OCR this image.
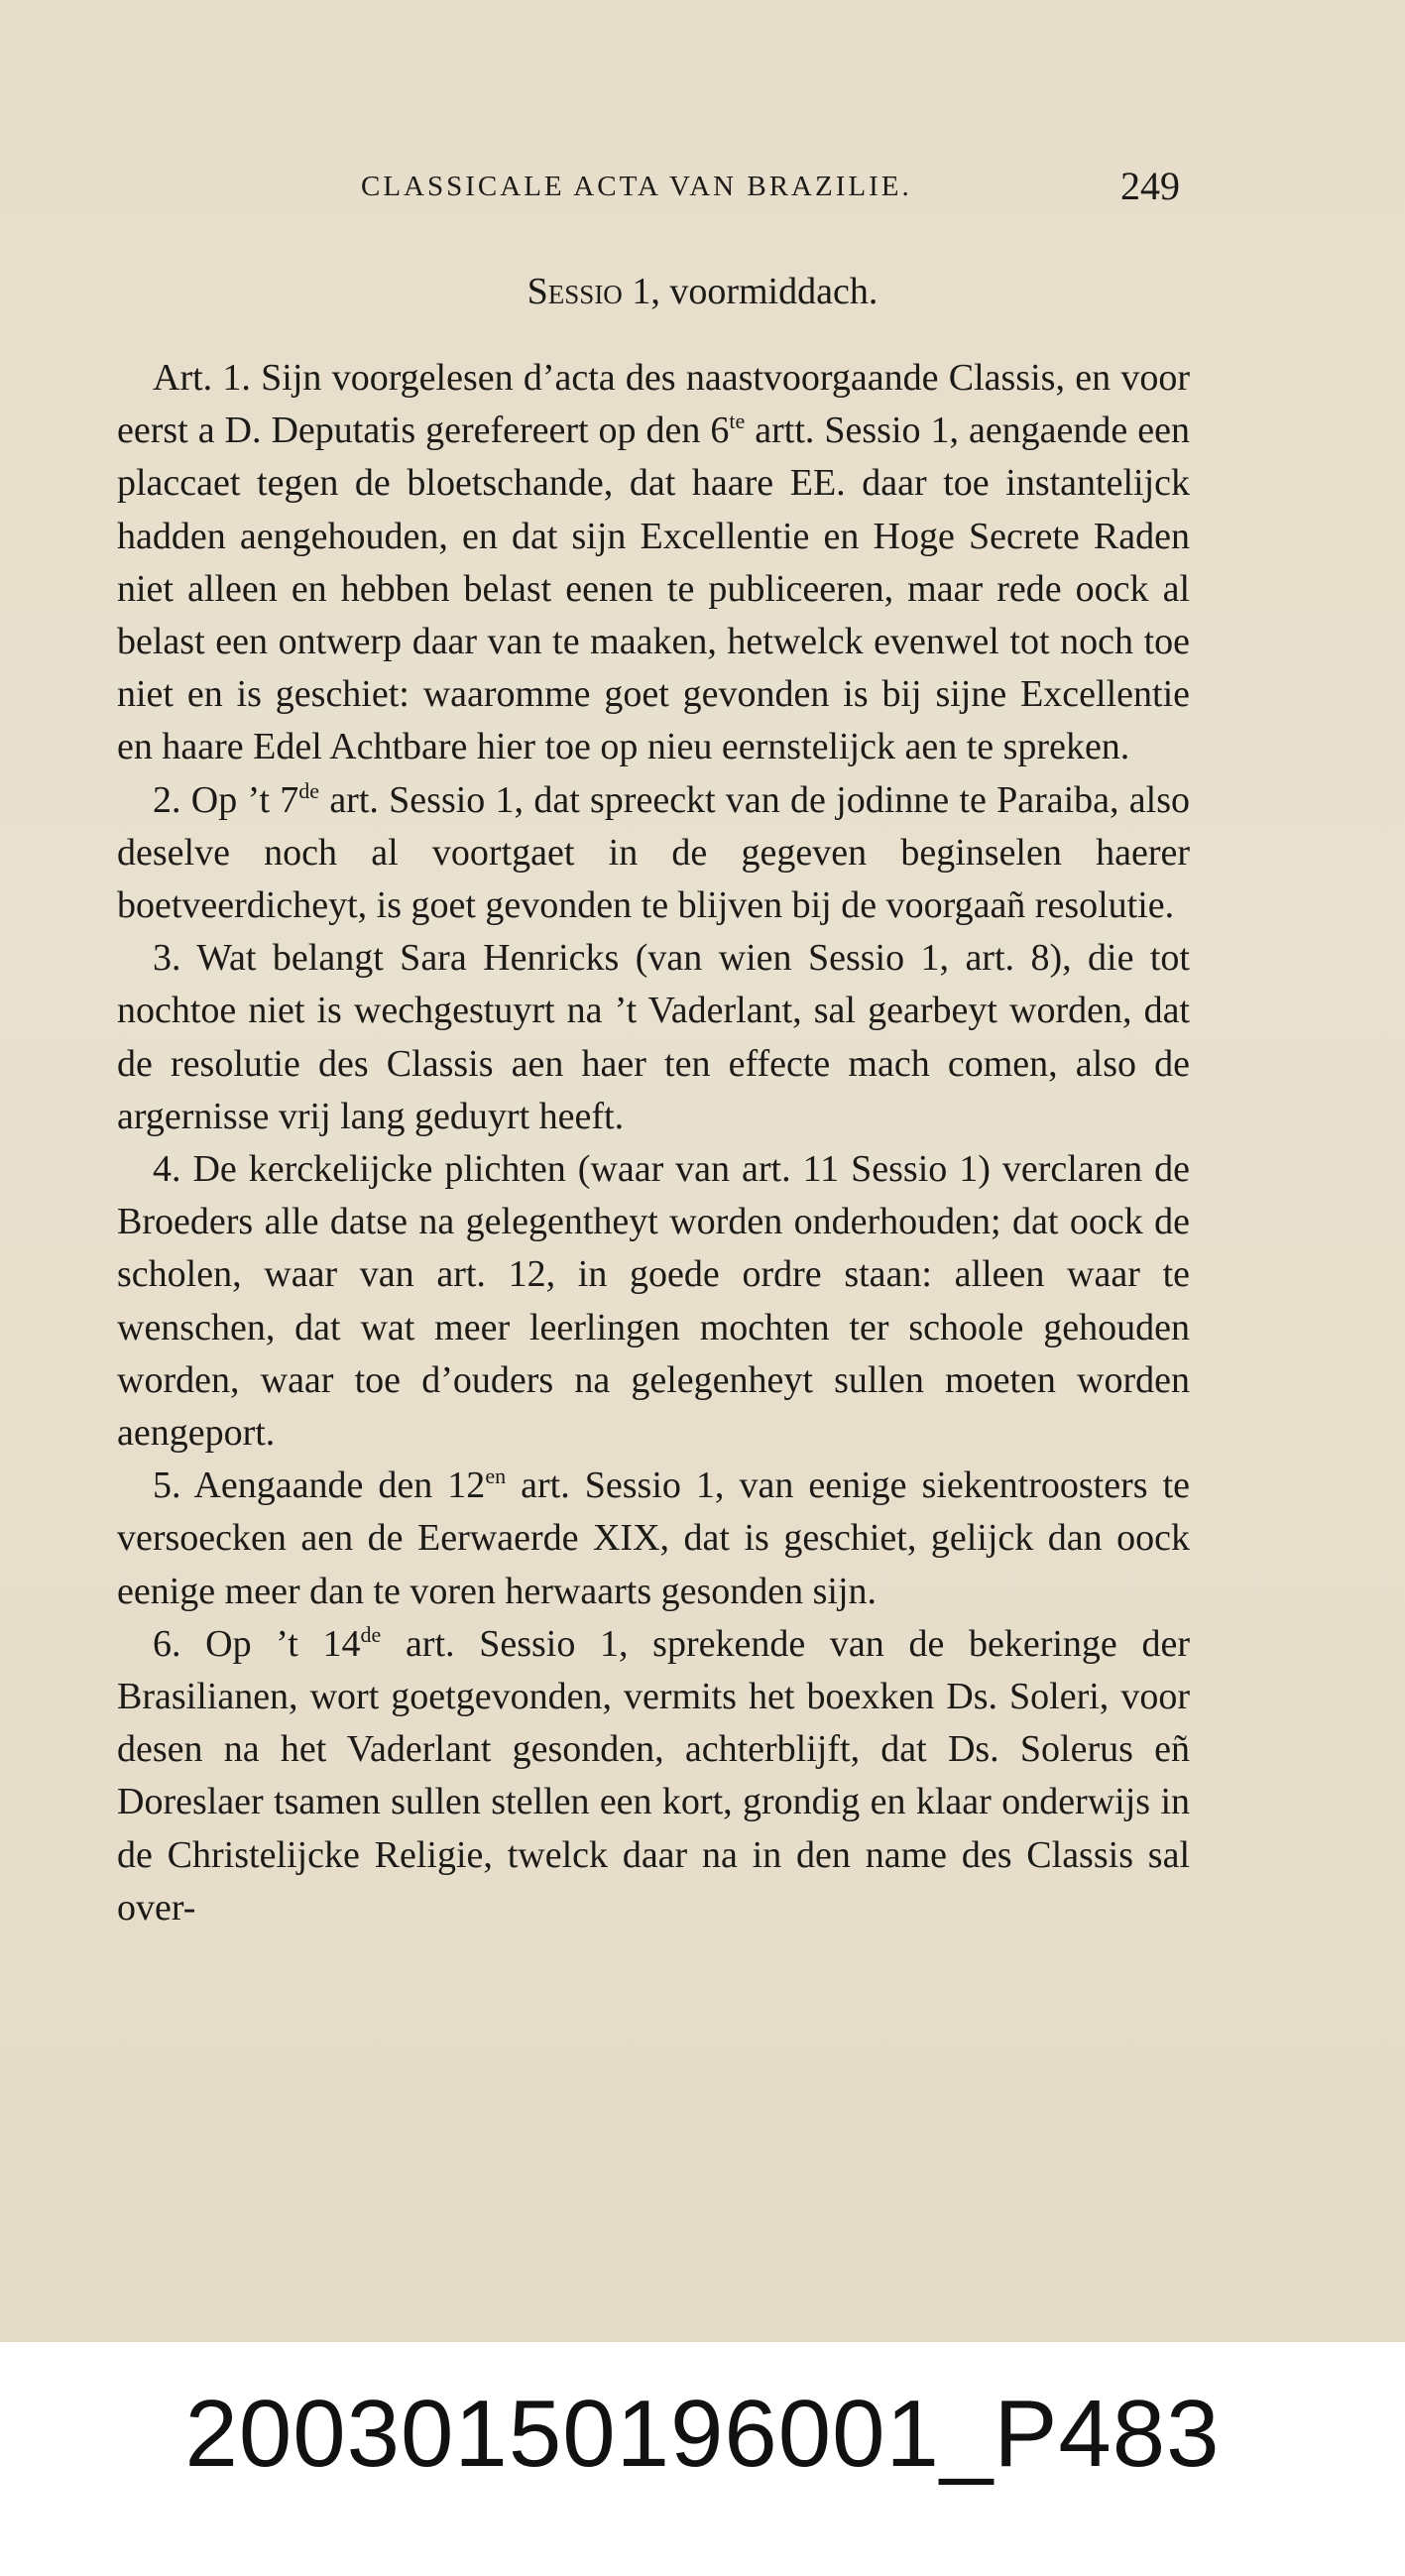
CLASSICALE ACTA VAN BRAZILIE.	249
Sessio 1, voormiddach.

Art. 1. Sijn voorgelesen d’acta des naastvoorgaande Classis, en voor eerst a D. Deputatis gerefereert op den $6^{te}$ artt. Sessio 1, aengaende een placcaet tegen de bloetschande, dat haare EE. daar toe instantelijck hadden aengehouden, en dat sijn Excellentie en Hoge Secrete Raden niet alleen en hebben belast eenen te publiceeren, maar rede oock al belast een ontwerp daar van te maaken, hetwelck evenwel tot noch toe niet en is geschiet: waaromme goet gevonden is bij sijne Excellentie en haare Edel Achtbare hier toe op nieu eernstelijck aen te spreken.

2. Op ’t 7de art. Sessio 1, dat spreeckt van de jodinne te Paraiba, also deselve noch al voortgaet in de gegeven beginselen haerer boetveerdicheyt, is goet gevonden te blijven bij de voorgaañ resolutie.

3. Wat belangt Sara Henricks (van wien Sessio 1, art. 8), die tot nochtoe niet is wechgestuyrt na ’t Vaderlant, sal gearbeyt worden, dat de resolutie des Classis aen haer ten effecte mach comen, also de argernisse vrij lang geduyrt heeft.

4. De kerckelijcke plichten (waar van art. 11 Sessio 1) verclaren de Broeders alle datse na gelegentheyt worden onderhouden; dat oock de scholen, waar van art. 12, in goede ordre staan: alleen waar te wenschen, dat wat meer leerlingen mochten ter schoole gehouden worden, waar toe d’ouders na gelegenheyt sullen moeten worden aengeport.

5. Aengaande den $12^{en}$ art. Sessio 1, van eenige siekentroosters te versoecken aen de Eerwaerde XIX, dat is geschiet, gelijck dan oock eenige meer dan te voren herwaarts gesonden sijn.

6. Op ’t 14de art. Sessio 1, sprekende van de bekeringe der Brasilianen, wort goetgevonden, vermits het boexken Ds. Soleri, voor desen na het Vaderlant gesonden, achterblijft, dat Ds. Solerus eñ Doreslaer tsamen sullen stellen een kort, grondig en klaar onderwijs in de Christelijcke Religie, twelck daar na in den name des Classis sal over-

20030150196001_P483
